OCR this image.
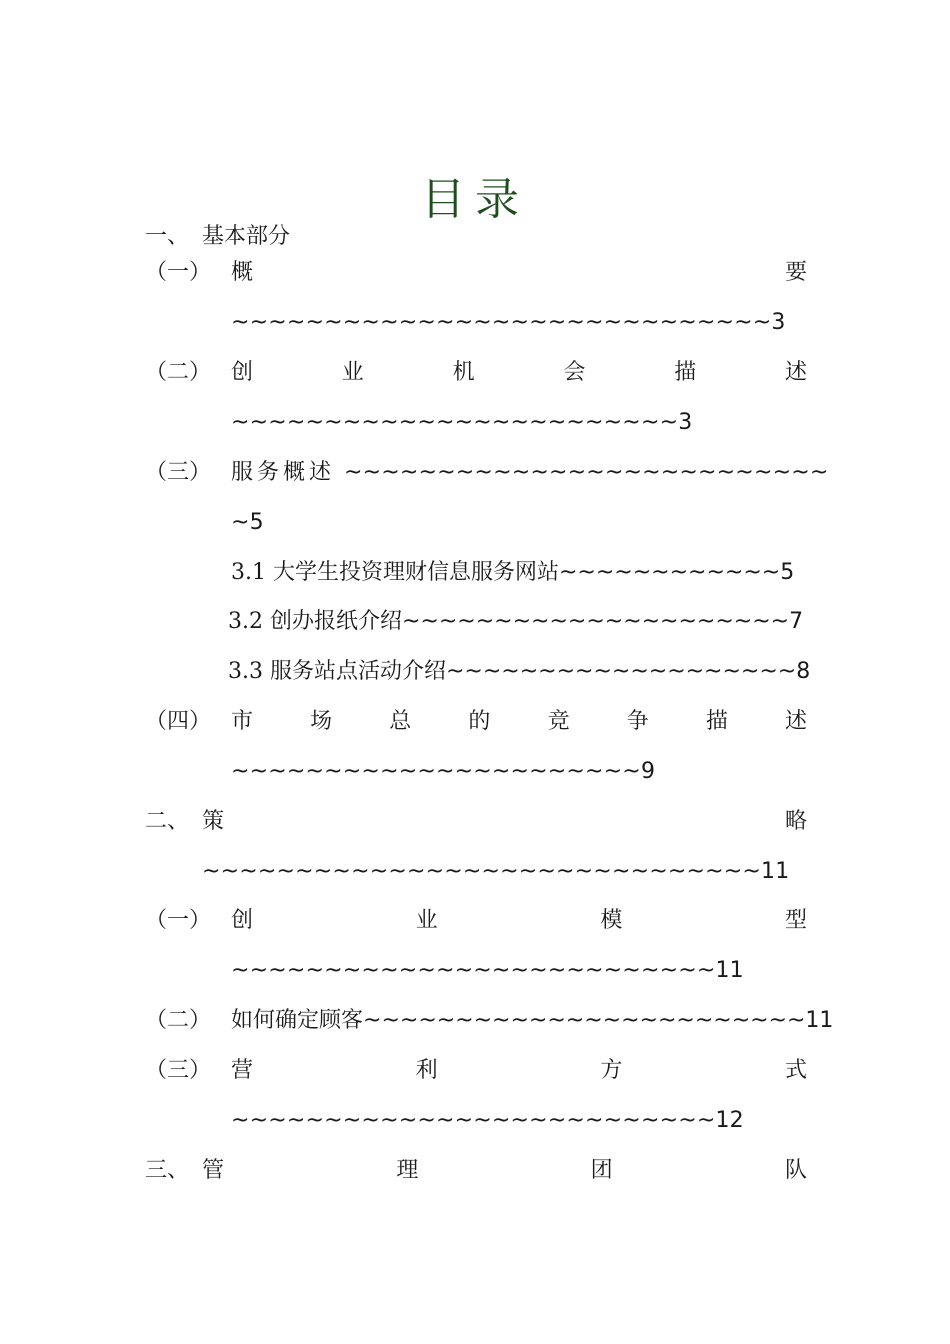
目录
一、 基本部分
（一） 概	要
~~~~~~~~~~~~~~~~~~~~~~~~~~~~~3
（二） 创	业	机	会	描	述
~~~~~~~~~~~~~~~~~~~~~~~~3
（三） 服务概述 ~~~~~~~~~~~~~~~~~~~~~~~~~~
~5
3.1 大学生投资理财信息服务网站~~~~~~~~~~~~5
3.2 创办报纸介绍~~~~~~~~~~~~~~~~~~~~~7
3.3 服务站点活动介绍~~~~~~~~~~~~~~~~~~~8
（四） 市	场	总	的	竞	争	描	述
~~~~~~~~~~~~~~~~~~~~~~9
二、 策	略
~~~~~~~~~~~~~~~~~~~~~~~~~~~~~~11
（一） 创	业	模	型
~~~~~~~~~~~~~~~~~~~~~~~~~~11
（二） 如何确定顾客~~~~~~~~~~~~~~~~~~~~~~~~11
（三） 营	利	方	式
~~~~~~~~~~~~~~~~~~~~~~~~~~12
三、 管	理	团	队
